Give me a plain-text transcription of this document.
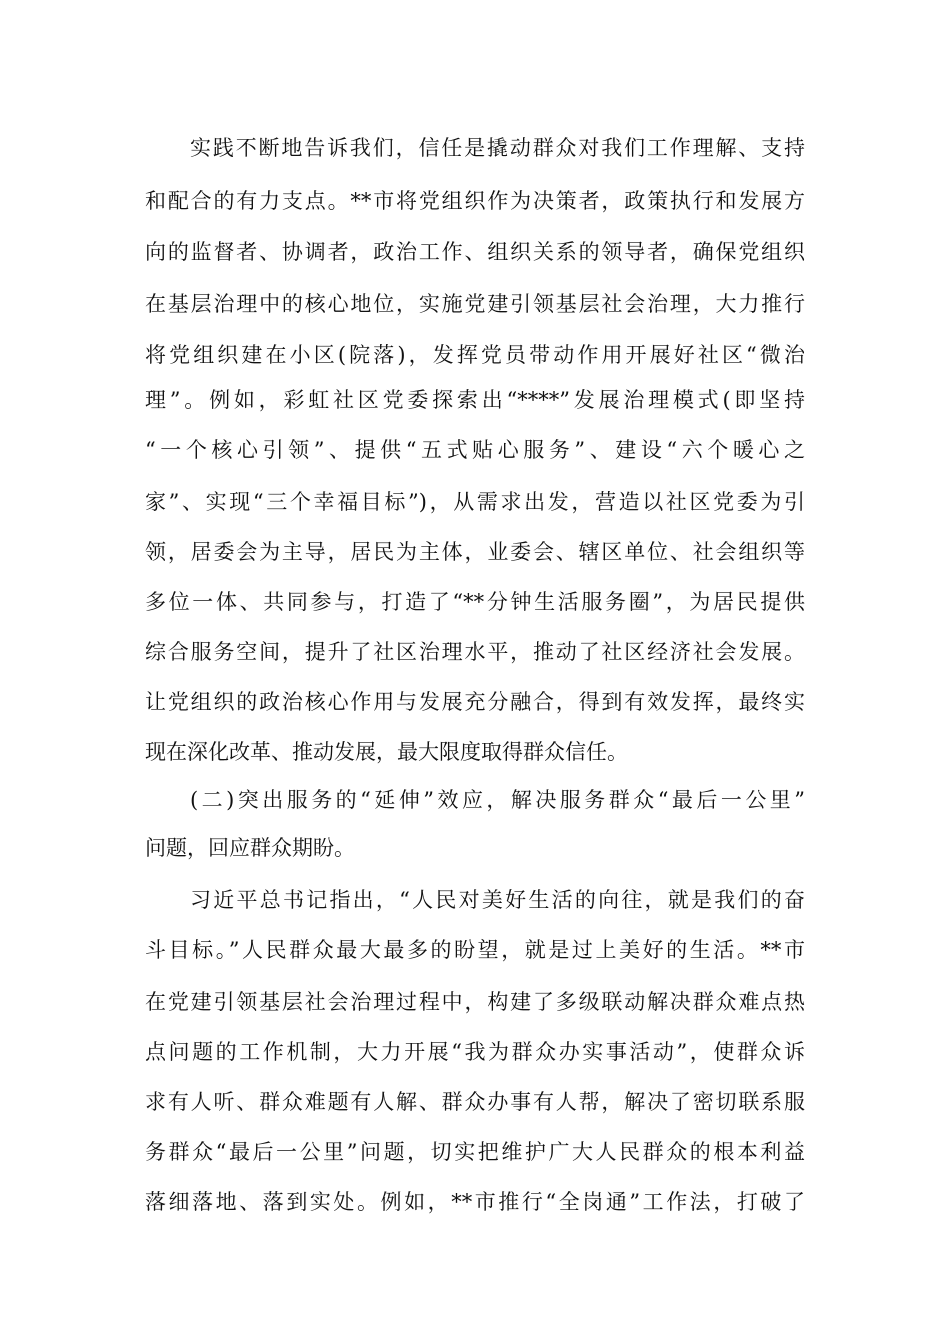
实践不断地告诉我们，信任是撬动群众对我们工作理解、支持
和配合的有力支点。**市将党组织作为决策者，政策执行和发展方
向的监督者、协调者，政治工作、组织关系的领导者，确保党组织
在基层治理中的核心地位，实施党建引领基层社会治理，大力推行
将党组织建在小区(院落)，发挥党员带动作用开展好社区“微治
理”。例如，彩虹社区党委探索出“****”发展治理模式(即坚持
“一个核心引领”、提供“五式贴心服务”、建设“六个暖心之
家”、实现“三个幸福目标”)，从需求出发，营造以社区党委为引
领，居委会为主导，居民为主体，业委会、辖区单位、社会组织等
多位一体、共同参与，打造了“**分钟生活服务圈”，为居民提供
综合服务空间，提升了社区治理水平，推动了社区经济社会发展。
让党组织的政治核心作用与发展充分融合，得到有效发挥，最终实
现在深化改革、推动发展，最大限度取得群众信任。
(二)突出服务的“延伸”效应，解决服务群众“最后一公里”
问题，回应群众期盼。
习近平总书记指出，“人民对美好生活的向往，就是我们的奋
斗目标。”人民群众最大最多的盼望，就是过上美好的生活。**市
在党建引领基层社会治理过程中，构建了多级联动解决群众难点热
点问题的工作机制，大力开展“我为群众办实事活动”，使群众诉
求有人听、群众难题有人解、群众办事有人帮，解决了密切联系服
务群众“最后一公里”问题，切实把维护广大人民群众的根本利益
落细落地、落到实处。例如，**市推行“全岗通”工作法，打破了
